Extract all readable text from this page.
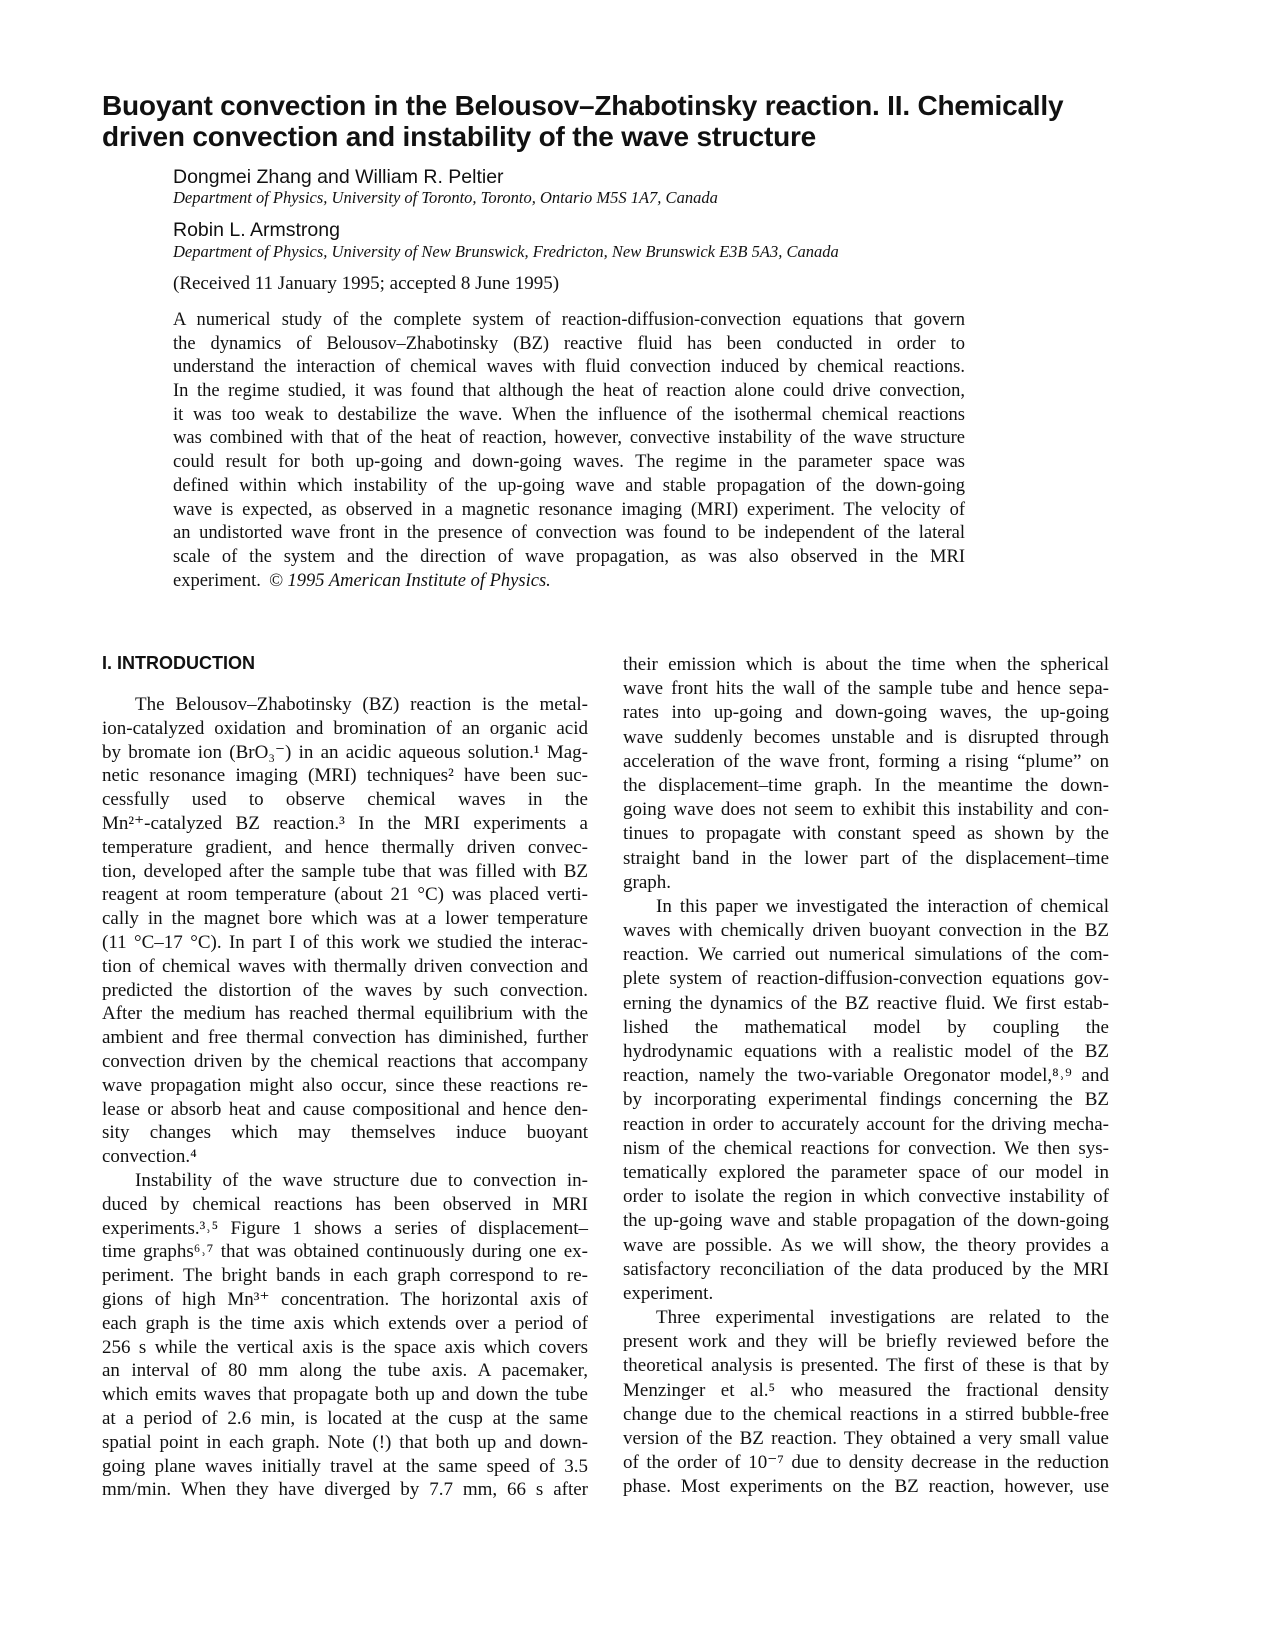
Buoyant convection in the Belousov–Zhabotinsky reaction. II. Chemically
driven convection and instability of the wave structure
Dongmei Zhang and William R. Peltier
Department of Physics, University of Toronto, Toronto, Ontario M5S 1A7, Canada
Robin L. Armstrong
Department of Physics, University of New Brunswick, Fredricton, New Brunswick E3B 5A3, Canada
(Received 11 January 1995; accepted 8 June 1995)
A numerical study of the complete system of reaction-diffusion-convection equations that govern
the dynamics of Belousov–Zhabotinsky (BZ) reactive fluid has been conducted in order to
understand the interaction of chemical waves with fluid convection induced by chemical reactions.
In the regime studied, it was found that although the heat of reaction alone could drive convection,
it was too weak to destabilize the wave. When the influence of the isothermal chemical reactions
was combined with that of the heat of reaction, however, convective instability of the wave structure
could result for both up-going and down-going waves. The regime in the parameter space was
defined within which instability of the up-going wave and stable propagation of the down-going
wave is expected, as observed in a magnetic resonance imaging (MRI) experiment. The velocity of
an undistorted wave front in the presence of convection was found to be independent of the lateral
scale of the system and the direction of wave propagation, as was also observed in the MRI
experiment. © 1995 American Institute of Physics.
I. INTRODUCTION
The Belousov–Zhabotinsky (BZ) reaction is the metal-
ion-catalyzed oxidation and bromination of an organic acid
by bromate ion (BrO₃⁻) in an acidic aqueous solution.¹ Mag-
netic resonance imaging (MRI) techniques² have been suc-
cessfully used to observe chemical waves in the
Mn²⁺-catalyzed BZ reaction.³ In the MRI experiments a
temperature gradient, and hence thermally driven convec-
tion, developed after the sample tube that was filled with BZ
reagent at room temperature (about 21 °C) was placed verti-
cally in the magnet bore which was at a lower temperature
(11 °C–17 °C). In part I of this work we studied the interac-
tion of chemical waves with thermally driven convection and
predicted the distortion of the waves by such convection.
After the medium has reached thermal equilibrium with the
ambient and free thermal convection has diminished, further
convection driven by the chemical reactions that accompany
wave propagation might also occur, since these reactions re-
lease or absorb heat and cause compositional and hence den-
sity changes which may themselves induce buoyant
convection.⁴
Instability of the wave structure due to convection in-
duced by chemical reactions has been observed in MRI
experiments.³˒⁵ Figure 1 shows a series of displacement–
time graphs⁶˒⁷ that was obtained continuously during one ex-
periment. The bright bands in each graph correspond to re-
gions of high Mn³⁺ concentration. The horizontal axis of
each graph is the time axis which extends over a period of
256 s while the vertical axis is the space axis which covers
an interval of 80 mm along the tube axis. A pacemaker,
which emits waves that propagate both up and down the tube
at a period of 2.6 min, is located at the cusp at the same
spatial point in each graph. Note (!) that both up and down-
going plane waves initially travel at the same speed of 3.5
mm/min. When they have diverged by 7.7 mm, 66 s after
their emission which is about the time when the spherical
wave front hits the wall of the sample tube and hence sepa-
rates into up-going and down-going waves, the up-going
wave suddenly becomes unstable and is disrupted through
acceleration of the wave front, forming a rising “plume” on
the displacement–time graph. In the meantime the down-
going wave does not seem to exhibit this instability and con-
tinues to propagate with constant speed as shown by the
straight band in the lower part of the displacement–time
graph.
In this paper we investigated the interaction of chemical
waves with chemically driven buoyant convection in the BZ
reaction. We carried out numerical simulations of the com-
plete system of reaction-diffusion-convection equations gov-
erning the dynamics of the BZ reactive fluid. We first estab-
lished the mathematical model by coupling the
hydrodynamic equations with a realistic model of the BZ
reaction, namely the two-variable Oregonator model,⁸˒⁹ and
by incorporating experimental findings concerning the BZ
reaction in order to accurately account for the driving mecha-
nism of the chemical reactions for convection. We then sys-
tematically explored the parameter space of our model in
order to isolate the region in which convective instability of
the up-going wave and stable propagation of the down-going
wave are possible. As we will show, the theory provides a
satisfactory reconciliation of the data produced by the MRI
experiment.
Three experimental investigations are related to the
present work and they will be briefly reviewed before the
theoretical analysis is presented. The first of these is that by
Menzinger et al.⁵ who measured the fractional density
change due to the chemical reactions in a stirred bubble-free
version of the BZ reaction. They obtained a very small value
of the order of 10⁻⁷ due to density decrease in the reduction
phase. Most experiments on the BZ reaction, however, use
